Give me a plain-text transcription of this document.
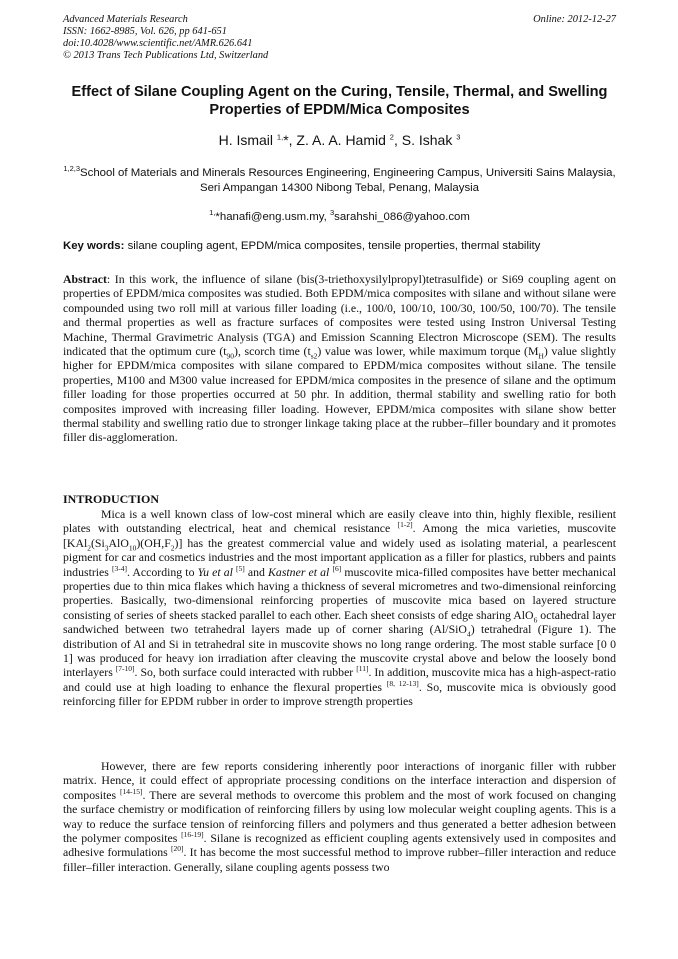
Advanced Materials Research
ISSN: 1662-8985, Vol. 626, pp 641-651
doi:10.4028/www.scientific.net/AMR.626.641
© 2013 Trans Tech Publications Ltd, Switzerland
Online: 2012-12-27
Effect of Silane Coupling Agent on the Curing, Tensile, Thermal, and Swelling Properties of EPDM/Mica Composites
H. Ismail $^{1,}$*, Z. A. A. Hamid $^2$, S. Ishak $^3$
$^{1,2,3}$School of Materials and Minerals Resources Engineering, Engineering Campus, Universiti Sains Malaysia, Seri Ampangan 14300 Nibong Tebal, Penang, Malaysia
$^{1,}$*hanafi@eng.usm.my, $^3$sarahshi_086@yahoo.com
Key words: silane coupling agent, EPDM/mica composites, tensile properties, thermal stability

Abstract: In this work, the influence of silane (bis(3-triethoxysilylpropyl)tetrasulfide) or Si69 coupling agent on properties of EPDM/mica composites was studied. Both EPDM/mica composites with silane and without silane were compounded using two roll mill at various filler loading (i.e., 100/0, 100/10, 100/30, 100/50, 100/70). The tensile and thermal properties as well as fracture surfaces of composites were tested using Instron Universal Testing Machine, Thermal Gravimetric Analysis (TGA) and Emission Scanning Electron Microscope (SEM). The results indicated that the optimum cure $(t_{90})$, scorch time $(t_{s2})$ value was lower, while maximum torque $(M_H)$ value slightly higher for EPDM/mica composites with silane compared to EPDM/mica composites without silane. The tensile properties, M100 and M300 value increased for EPDM/mica composites in the presence of silane and the optimum filler loading for those properties occurred at 50 phr. In addition, thermal stability and swelling ratio for both composites improved with increasing filler loading. However, EPDM/mica composites with silane show better thermal stability and swelling ratio due to stronger linkage taking place at the rubber–filler boundary and it promotes filler dis-agglomeration.

INTRODUCTION

Mica is a well known class of low-cost mineral which are easily cleave into thin, highly flexible, resilient plates with outstanding electrical, heat and chemical resistance [1-2]. Among the mica varieties, muscovite $[KAl_2(Si_3AlO_{10})(OH,F_2)]$ has the greatest commercial value and widely used as isolating material, a pearlescent pigment for car and cosmetics industries and the most important application as a filler for plastics, rubbers and paints industries [3-4]. According to Yu et al [5] and Kastner et al [6] muscovite mica-filled composites have better mechanical properties due to thin mica flakes which having a thickness of several micrometres and two-dimensional reinforcing properties. Basically, two-dimensional reinforcing properties of muscovite mica based on layered structure consisting of series of sheets stacked parallel to each other. Each sheet consists of edge sharing AlO$_6$ octahedral layer sandwiched between two tetrahedral layers made up of corner sharing (Al/SiO$_4$) tetrahedral (Figure 1). The distribution of Al and Si in tetrahedral site in muscovite shows no long range ordering. The most stable surface [0 0 1] was produced for heavy ion irradiation after cleaving the muscovite crystal above and below the loosely bond interlayers [7-10]. So, both surface could interacted with rubber [11]. In addition, muscovite mica has a high-aspect-ratio and could use at high loading to enhance the flexural properties [8, 12-13]. So, muscovite mica is obviously good reinforcing filler for EPDM rubber in order to improve strength properties

However, there are few reports considering inherently poor interactions of inorganic filler with rubber matrix. Hence, it could effect of appropriate processing conditions on the interface interaction and dispersion of composites [14-15]. There are several methods to overcome this problem and the most of work focused on changing the surface chemistry or modification of reinforcing fillers by using low molecular weight coupling agents. This is a way to reduce the surface tension of reinforcing fillers and polymers and thus generated a better adhesion between the polymer composites [16-19]. Silane is recognized as efficient coupling agents extensively used in composites and adhesive formulations [20]. It has become the most successful method to improve rubber–filler interaction and reduce filler–filler interaction. Generally, silane coupling agents possess two
